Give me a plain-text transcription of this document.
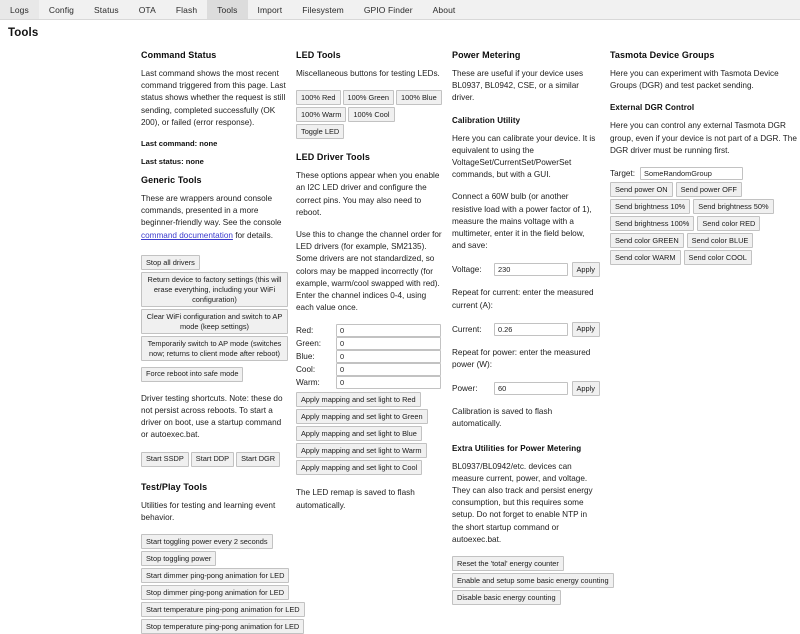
Logs	Config	Status	OTA	Flash	Tools	Import	Filesystem	GPIO Finder	About
Tools
Command Status

Last command shows the most recent command triggered from this page. Last status shows whether the request is still sending, completed successfully (OK 200), or failed (error response).

Last command: none
Last status: none
Generic Tools

These are wrappers around console commands, presented in a more beginner-friendly way. See the console command documentation for details.

Stop all drivers
Return device to factory settings (this will erase everything, including your WiFi configuration)
Clear WiFi configuration and switch to AP mode (keep settings)
Temporarily switch to AP mode (switches now; returns to client mode after reboot)
Force reboot into safe mode

Driver testing shortcuts. Note: these do not persist across reboots. To start a driver on boot, use a startup command or autoexec.bat.

Start SSDP	Start DDP	Start DGR
Test/Play Tools

Utilities for testing and learning event behavior.

Start toggling power every 2 seconds
Stop toggling power
Start dimmer ping-pong animation for LED
Stop dimmer ping-pong animation for LED
Start temperature ping-pong animation for LED
Stop temperature ping-pong animation for LED
LED Tools

Miscellaneous buttons for testing LEDs.

100% Red	100% Green	100% Blue
100% Warm	100% Cool
Toggle LED
LED Driver Tools

These options appear when you enable an I2C LED driver and configure the correct pins. You may also need to reboot.

Use this to change the channel order for LED drivers (for example, SM2135). Some drivers are not standardized, so colors may be mapped incorrectly (for example, warm/cool swapped with red). Enter the channel indices 0-4, using each value once.

Red:
0
Green:
0
Blue:
0
Cool:
0
Warm:
0
Apply mapping and set light to Red
Apply mapping and set light to Green
Apply mapping and set light to Blue
Apply mapping and set light to Warm
Apply mapping and set light to Cool

The LED remap is saved to flash automatically.

Power Metering

These are useful if your device uses BL0937, BL0942, CSE, or a similar driver.

Calibration Utility

Here you can calibrate your device. It is equivalent to using the VoltageSet/CurrentSet/PowerSet commands, but with a GUI.

Connect a 60W bulb (or another resistive load with a power factor of 1), measure the mains voltage with a multimeter, enter it in the field below, and save:

Voltage:
230	Apply

Repeat for current: enter the measured current (A):

Current:
0.26	Apply

Repeat for power: enter the measured power (W):

Power:
60	Apply

Calibration is saved to flash automatically.

Extra Utilities for Power Metering

BL0937/BL0942/etc. devices can measure current, power, and voltage. They can also track and persist energy consumption, but this requires some setup. Do not forget to enable NTP in the short startup command or autoexec.bat.

Reset the 'total' energy counter
Enable and setup some basic energy counting
Disable basic energy counting
Tasmota Device Groups

Here you can experiment with Tasmota Device Groups (DGR) and test packet sending.

External DGR Control

Here you can control any external Tasmota DGR group, even if your device is not part of a DGR. The DGR driver must be running first.

Target:
SomeRandomGroup
Send power ON	Send power OFF
Send brightness 10%	Send brightness 50%
Send brightness 100%	Send color RED
Send color GREEN	Send color BLUE
Send color WARM	Send color COOL
